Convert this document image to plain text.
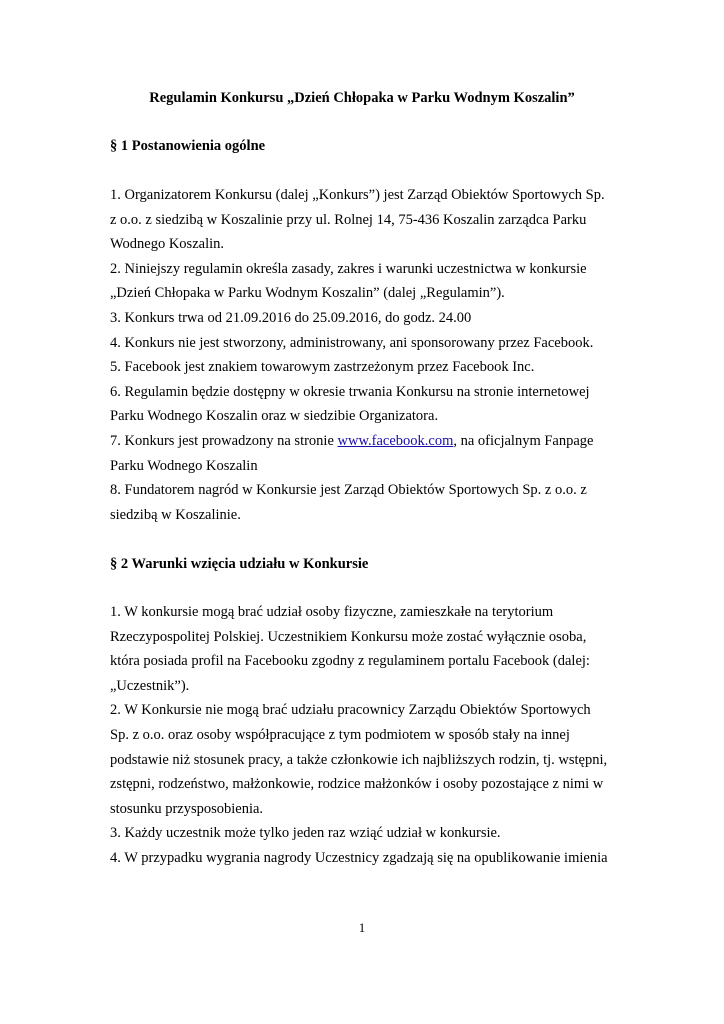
Regulamin Konkursu „Dzień Chłopaka w Parku Wodnym Koszalin”
§ 1 Postanowienia ogólne
1. Organizatorem Konkursu (dalej „Konkurs”) jest Zarząd Obiektów Sportowych Sp.
z o.o. z siedzibą w Koszalinie przy ul. Rolnej 14, 75-436 Koszalin zarządca Parku
Wodnego Koszalin.
2. Niniejszy regulamin określa zasady, zakres i warunki uczestnictwa w konkursie
„Dzień Chłopaka w Parku Wodnym Koszalin” (dalej „Regulamin”).
3. Konkurs trwa od 21.09.2016 do 25.09.2016, do godz. 24.00
4. Konkurs nie jest stworzony, administrowany, ani sponsorowany przez Facebook.
5. Facebook jest znakiem towarowym zastrzeżonym przez Facebook Inc.
6. Regulamin będzie dostępny w okresie trwania Konkursu na stronie internetowej
Parku Wodnego Koszalin oraz w siedzibie Organizatora.
7. Konkurs jest prowadzony na stronie www.facebook.com, na oficjalnym Fanpage
Parku Wodnego Koszalin
8. Fundatorem nagród w Konkursie jest Zarząd Obiektów Sportowych Sp. z o.o. z
siedzibą w Koszalinie.
§ 2 Warunki wzięcia udziału w Konkursie
1. W konkursie mogą brać udział osoby fizyczne, zamieszkałe na terytorium
Rzeczypospolitej Polskiej. Uczestnikiem Konkursu może zostać wyłącznie osoba,
która posiada profil na Facebooku zgodny z regulaminem portalu Facebook (dalej:
„Uczestnik”).
2. W Konkursie nie mogą brać udziału pracownicy Zarządu Obiektów Sportowych
Sp. z o.o. oraz osoby współpracujące z tym podmiotem w sposób stały na innej
podstawie niż stosunek pracy, a także członkowie ich najbliższych rodzin, tj. wstępni,
zstępni, rodzeństwo, małżonkowie, rodzice małżonków i osoby pozostające z nimi w
stosunku przysposobienia.
3. Każdy uczestnik może tylko jeden raz wziąć udział w konkursie.
4. W przypadku wygrania nagrody Uczestnicy zgadzają się na opublikowanie imienia
1
